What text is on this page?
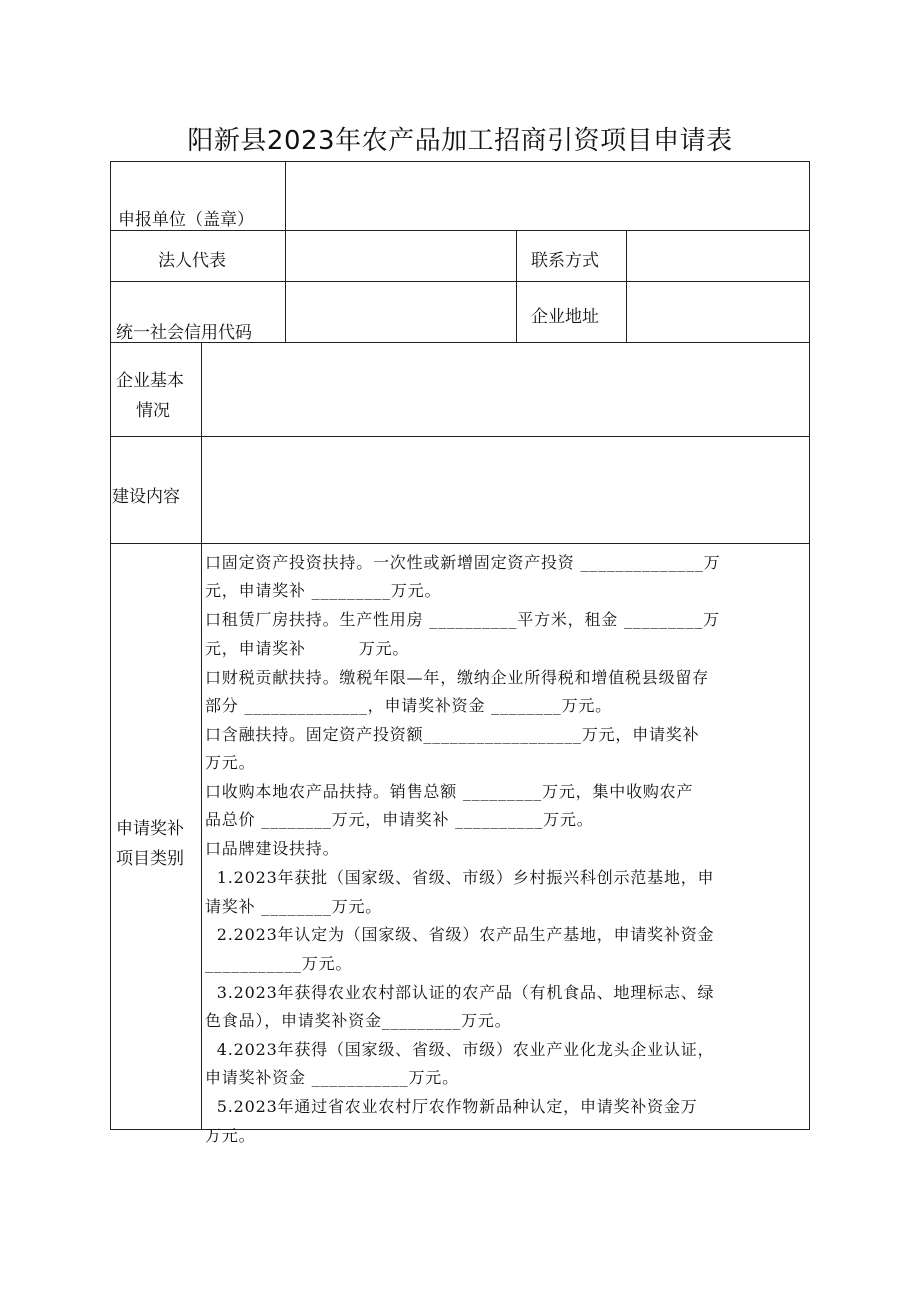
阳新县2023年农产品加工招商引资项目申请表
申报单位（盖章）
法人代表	联系方式
统一社会信用代码
企业地址
企业基本
情况
建设内容
申请奖补
项目类别
口固定资产投资扶持。一次性或新增固定资产投资 ______________万
元，申请奖补 _________万元。
口租赁厂房扶持。生产性用房 __________平方米，租金 _________万
元，申请奖补         万元。
口财税贡献扶持。缴税年限—年，缴纳企业所得税和增值税县级留存
部分 ______________，申请奖补资金 ________万元。
口含融扶持。固定资产投资额__________________万元，申请奖补
万元。
口收购本地农产品扶持。销售总额 _________万元，集中收购农产
品总价 ________万元，申请奖补 __________万元。
口品牌建设扶持。
1.2023年获批（国家级、省级、市级）乡村振兴科创示范基地，申
请奖补 ________万元。
2.2023年认定为（国家级、省级）农产品生产基地，申请奖补资金
___________万元。
3.2023年获得农业农村部认证的农产品（有机食品、地理标志、绿
色食品），申请奖补资金_________万元。
4.2023年获得（国家级、省级、市级）农业产业化龙头企业认证，
申请奖补资金 ___________万元。
5.2023年通过省农业农村厅农作物新品种认定，申请奖补资金万
万元。
